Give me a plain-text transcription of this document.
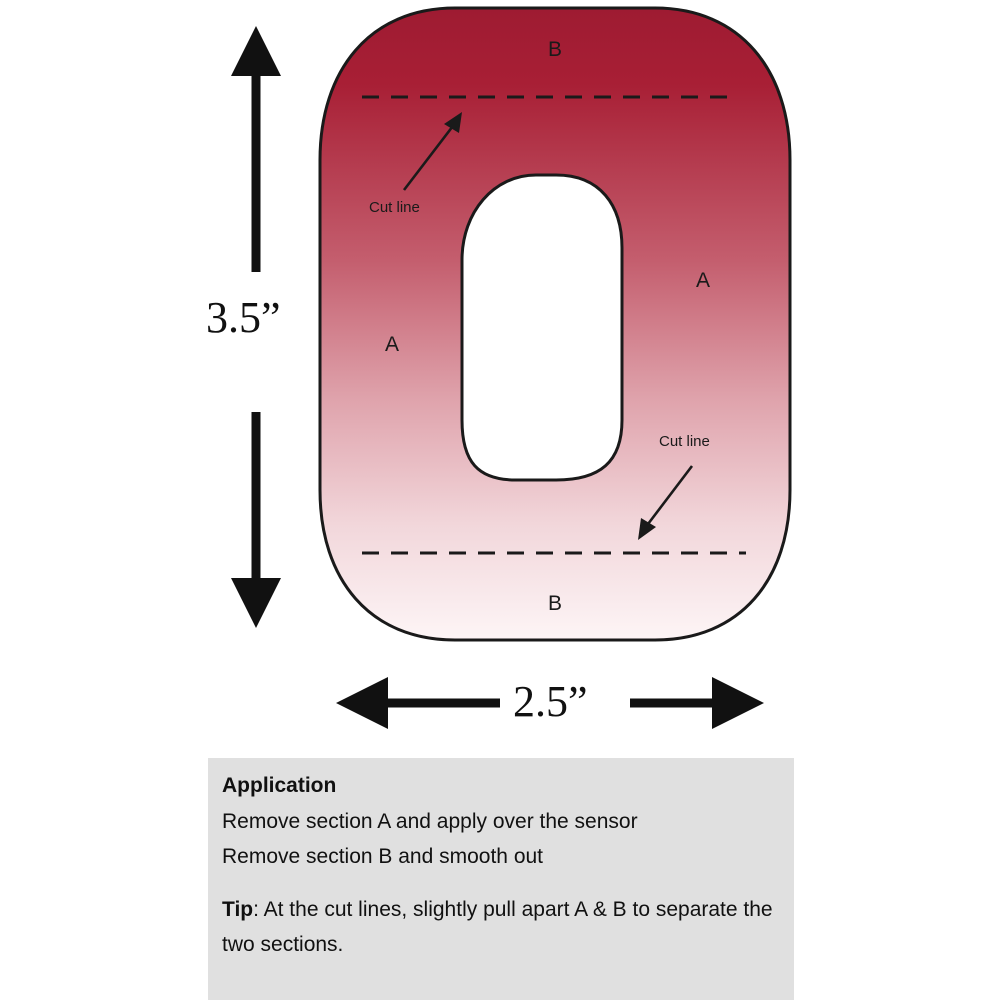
3.5”
2.5”
B
B
A
A
Cut line
Cut line

Application

Remove section A and apply over the sensor

Remove section B and smooth out

Tip: At the cut lines, slightly pull apart A & B to separate the two sections.
